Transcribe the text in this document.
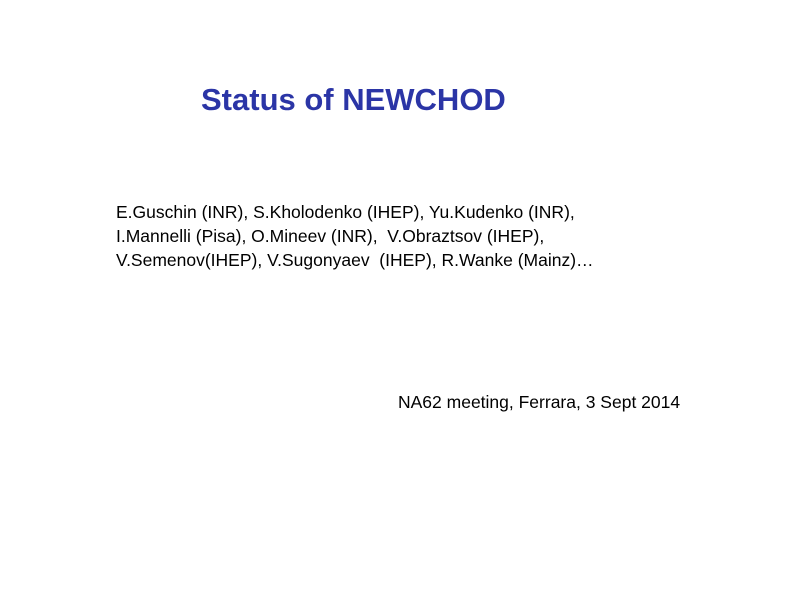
Status of NEWCHOD
E.Guschin (INR), S.Kholodenko (IHEP), Yu.Kudenko (INR),
I.Mannelli (Pisa), O.Mineev (INR),  V.Obraztsov (IHEP),
V.Semenov(IHEP), V.Sugonyaev  (IHEP), R.Wanke (Mainz)…
NA62 meeting, Ferrara, 3 Sept 2014
